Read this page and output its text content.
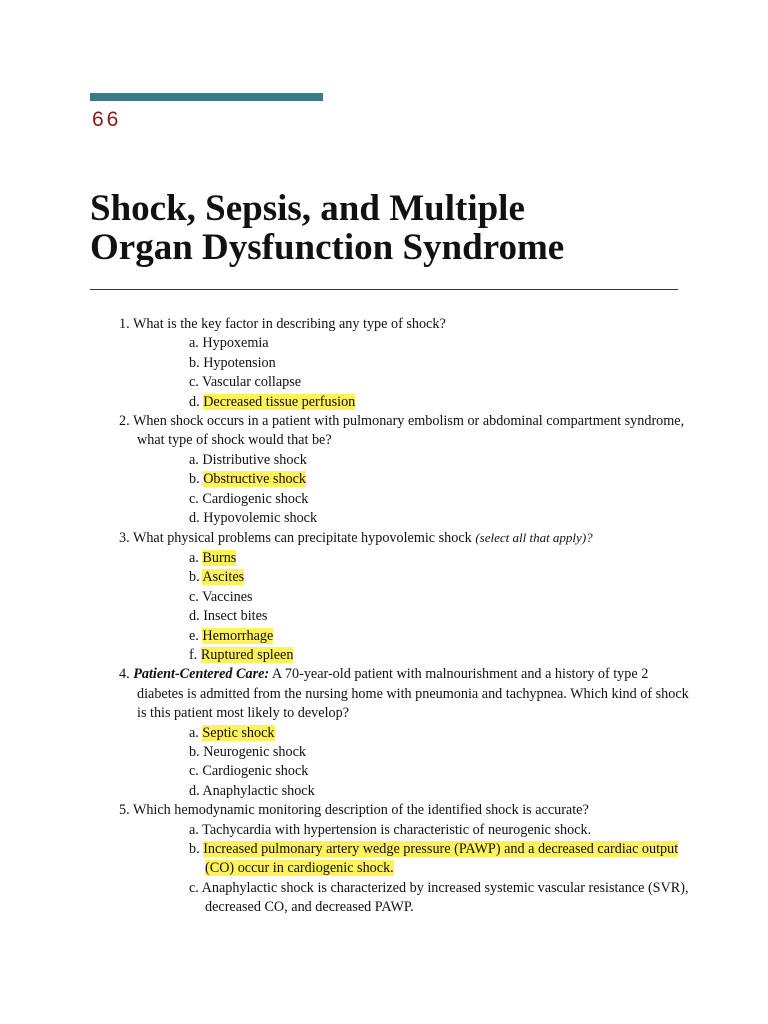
66
Shock, Sepsis, and Multiple
Organ Dysfunction Syndrome
1. What is the key factor in describing any type of shock?
a. Hypoxemia
b. Hypotension
c. Vascular collapse
d. Decreased tissue perfusion
2. When shock occurs in a patient with pulmonary embolism or abdominal compartment syndrome, what type of shock would that be?
a. Distributive shock
b. Obstructive shock
c. Cardiogenic shock
d. Hypovolemic shock
3. What physical problems can precipitate hypovolemic shock (select all that apply)?
a. Burns
b. Ascites
c. Vaccines
d. Insect bites
e. Hemorrhage
f. Ruptured spleen
4. Patient-Centered Care: A 70-year-old patient with malnourishment and a history of type 2 diabetes is admitted from the nursing home with pneumonia and tachypnea. Which kind of shock is this patient most likely to develop?
a. Septic shock
b. Neurogenic shock
c. Cardiogenic shock
d. Anaphylactic shock
5. Which hemodynamic monitoring description of the identified shock is accurate?
a. Tachycardia with hypertension is characteristic of neurogenic shock.
b. Increased pulmonary artery wedge pressure (PAWP) and a decreased cardiac output (CO) occur in cardiogenic shock.
c. Anaphylactic shock is characterized by increased systemic vascular resistance (SVR), decreased CO, and decreased PAWP.
